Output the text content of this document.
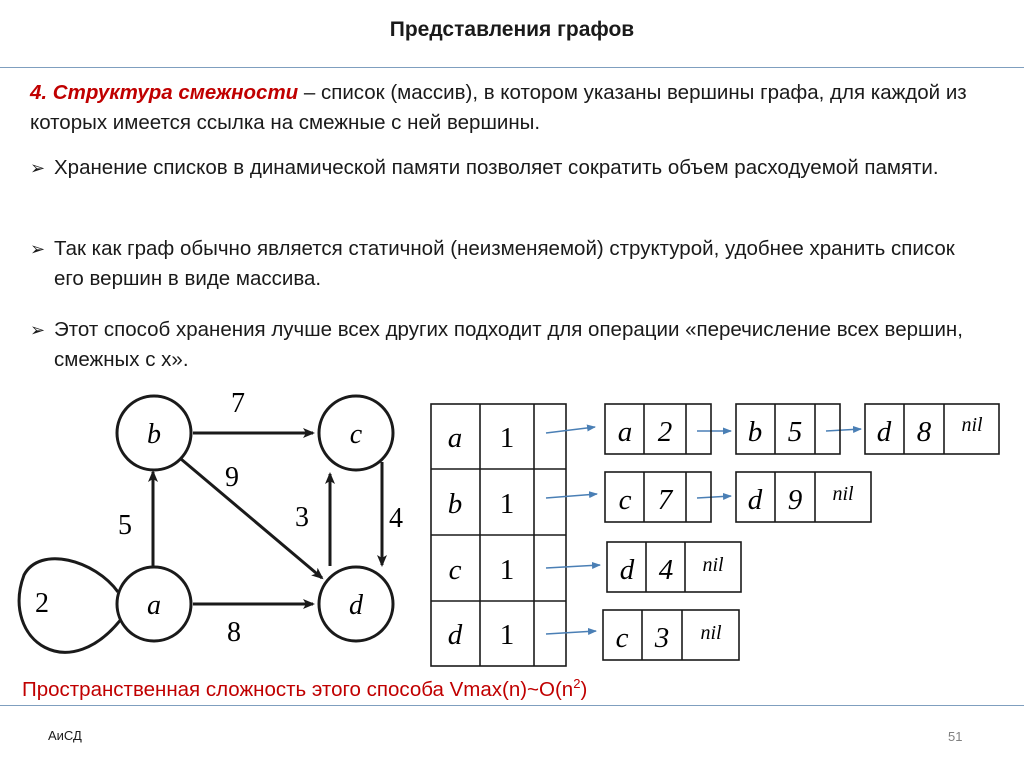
Представления графов
4. Структура смежности – список (массив), в котором указаны вершины графа, для каждой из которых имеется ссылка на смежные с ней вершины.
➢ Хранение списков в динамической памяти позволяет сократить объем расходуемой памяти.
➢ Так как граф обычно является статичной (неизменяемой) структурой, удобнее хранить список его вершин в виде массива.
➢ Этот способ хранения лучше всех других подходит для операции «перечисление всех вершин, смежных с x».
b	c
a	d
7
9
5	3	4
2
8
a 1
b 1
c 1
d 1
a 2	b 5	d 8 nil
c 7	d 9 nil
d 4 nil
c 3 nil
Пространственная сложность этого способа $Vmax(n)\sim O(n^2)$
АиСД	51
